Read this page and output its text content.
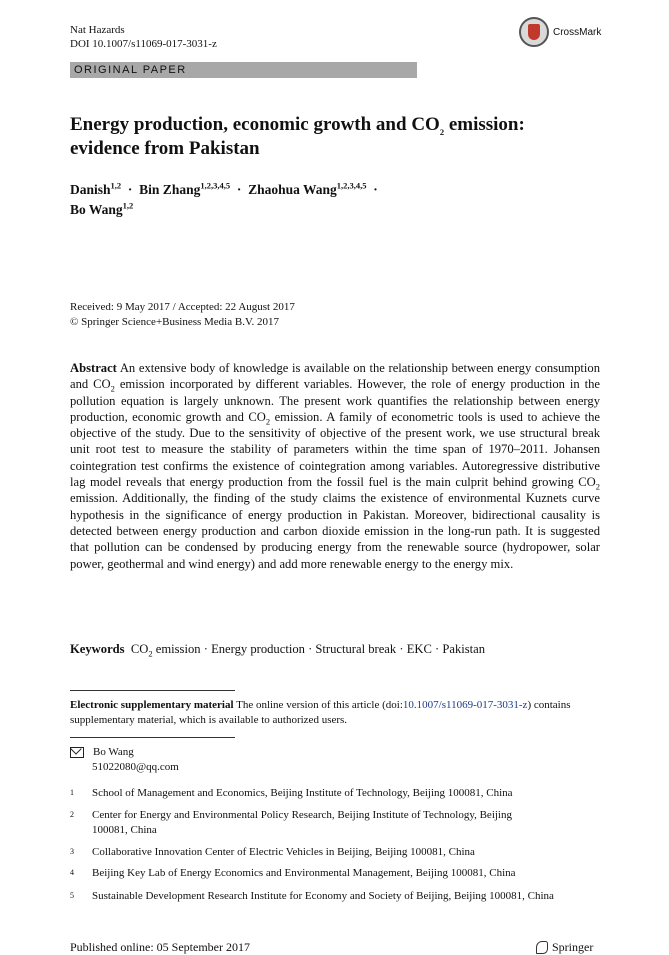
Nat Hazards
DOI 10.1007/s11069-017-3031-z
CrossMark
ORIGINAL PAPER
Energy production, economic growth and $CO_2$ emission: evidence from Pakistan
Danish$^{1,2}$  ·  Bin Zhang$^{1,2,3,4,5}$  ·  Zhaohua Wang$^{1,2,3,4,5}$  ·
Bo Wang$^{1,2}$
Received: 9 May 2017 / Accepted: 22 August 2017
© Springer Science+Business Media B.V. 2017
Abstract An extensive body of knowledge is available on the relationship between energy consumption and $CO_2$ emission incorporated by different variables. However, the role of energy production in the pollution equation is largely unknown. The present work quantifies the relationship between energy production, economic growth and $CO_2$ emission. A family of econometric tools is used to achieve the objective of the study. Due to the sensitivity of objective of the present work, we use structural break unit root test to measure the stability of parameters within the time span of 1970–2011. Johansen cointegration test confirms the existence of cointegration among variables. Autoregressive distributive lag model reveals that energy production from the fossil fuel is the main culprit behind growing $CO_2$ emission. Additionally, the finding of the study claims the existence of environmental Kuznets curve hypothesis in the significance of energy production in Pakistan. Moreover, bidirectional causality is detected between energy production and carbon dioxide emission in the long-run path. It is suggested that pollution can be condensed by producing energy from the renewable source (hydropower, solar power, geothermal and wind energy) and add more renewable energy to the energy mix.
Keywords $CO_2$ emission · Energy production · Structural break · EKC · Pakistan
Electronic supplementary material The online version of this article (doi:10.1007/s11069-017-3031-z) contains supplementary material, which is available to authorized users.
Bo Wang
51022080@qq.com
1	School of Management and Economics, Beijing Institute of Technology, Beijing 100081, China
2	Center for Energy and Environmental Policy Research, Beijing Institute of Technology, Beijing 100081, China
3	Collaborative Innovation Center of Electric Vehicles in Beijing, Beijing 100081, China
4	Beijing Key Lab of Energy Economics and Environmental Management, Beijing 100081, China
5	Sustainable Development Research Institute for Economy and Society of Beijing, Beijing 100081, China
Published online: 05 September 2017	Springer
